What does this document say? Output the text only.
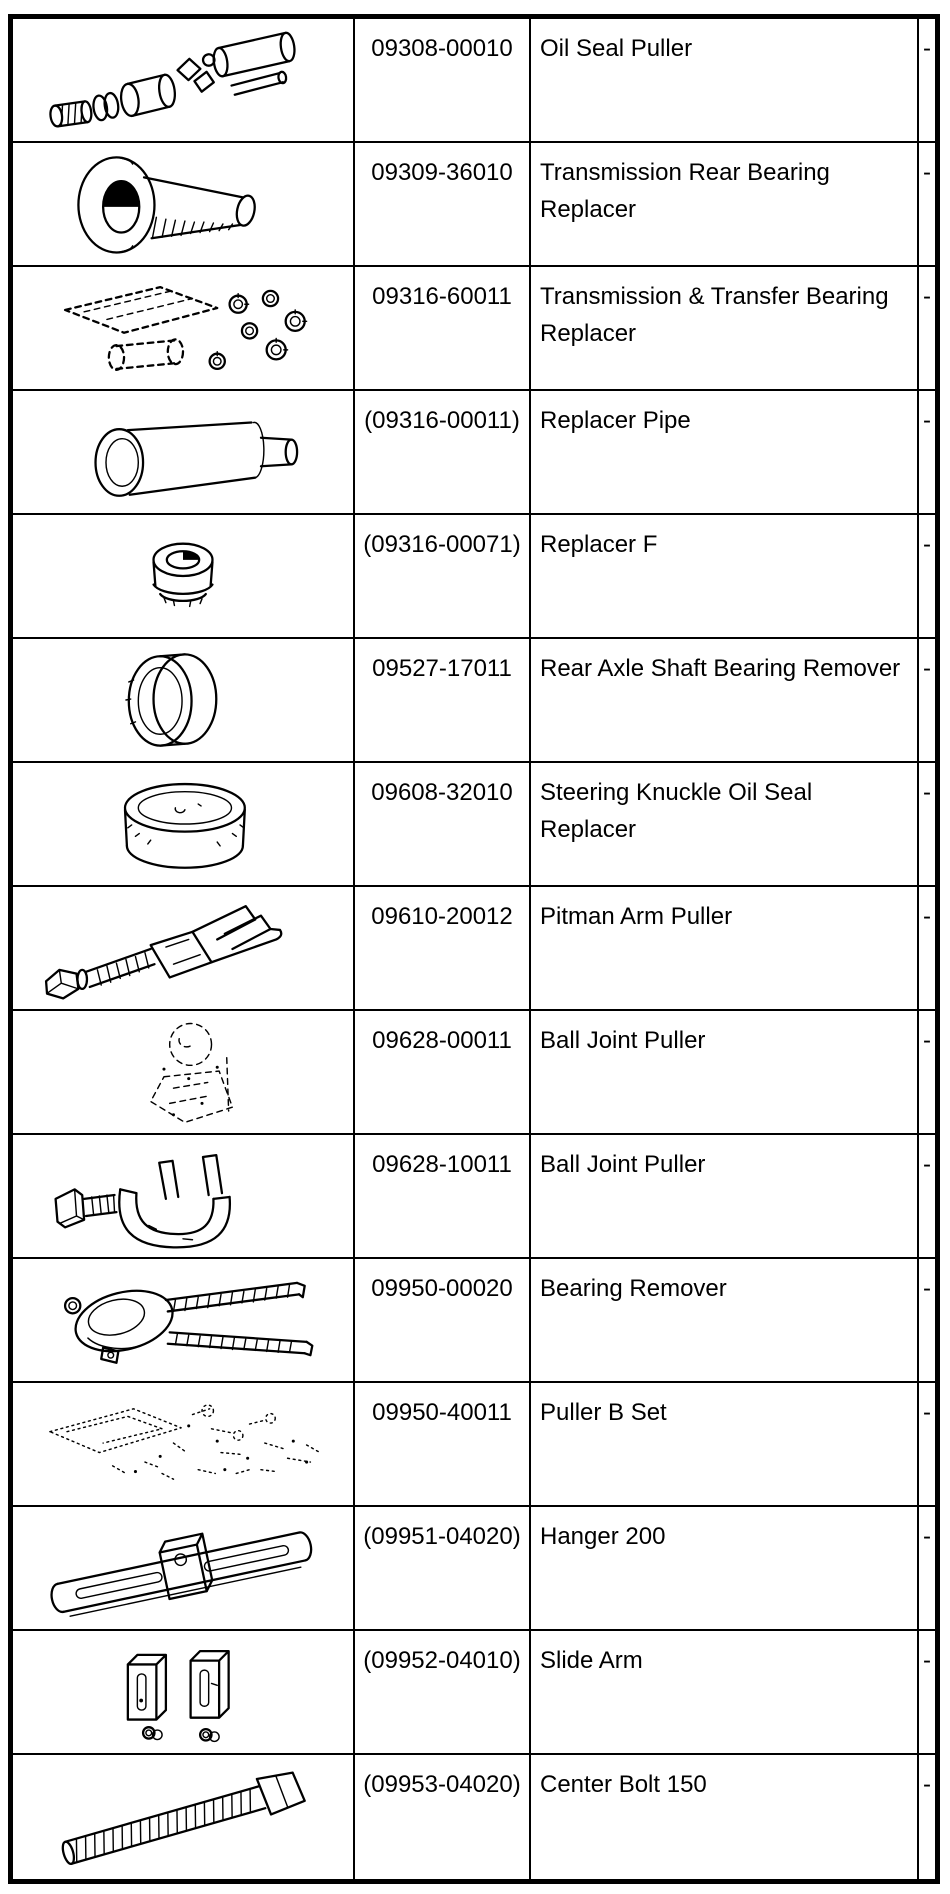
09308-00010	Oil Seal Puller	-
09309-36010	Transmission Rear Bearing Replacer
-
09316-60011	Transmission & Transfer Bearing Replacer
-
(09316-00011) Replacer Pipe	-
(09316-00071) Replacer F	-
09527-17011	Rear Axle Shaft Bearing Remover -
09608-32010	Steering Knuckle Oil Seal Replacer
-
09610-20012	Pitman Arm Puller	-
09628-00011	Ball Joint Puller	-
09628-10011	Ball Joint Puller	-
09950-00020	Bearing Remover	-
09950-40011	Puller B Set	-
(09951-04020) Hanger 200	-
(09952-04010) Slide Arm	-
(09953-04020) Center Bolt 150	-
